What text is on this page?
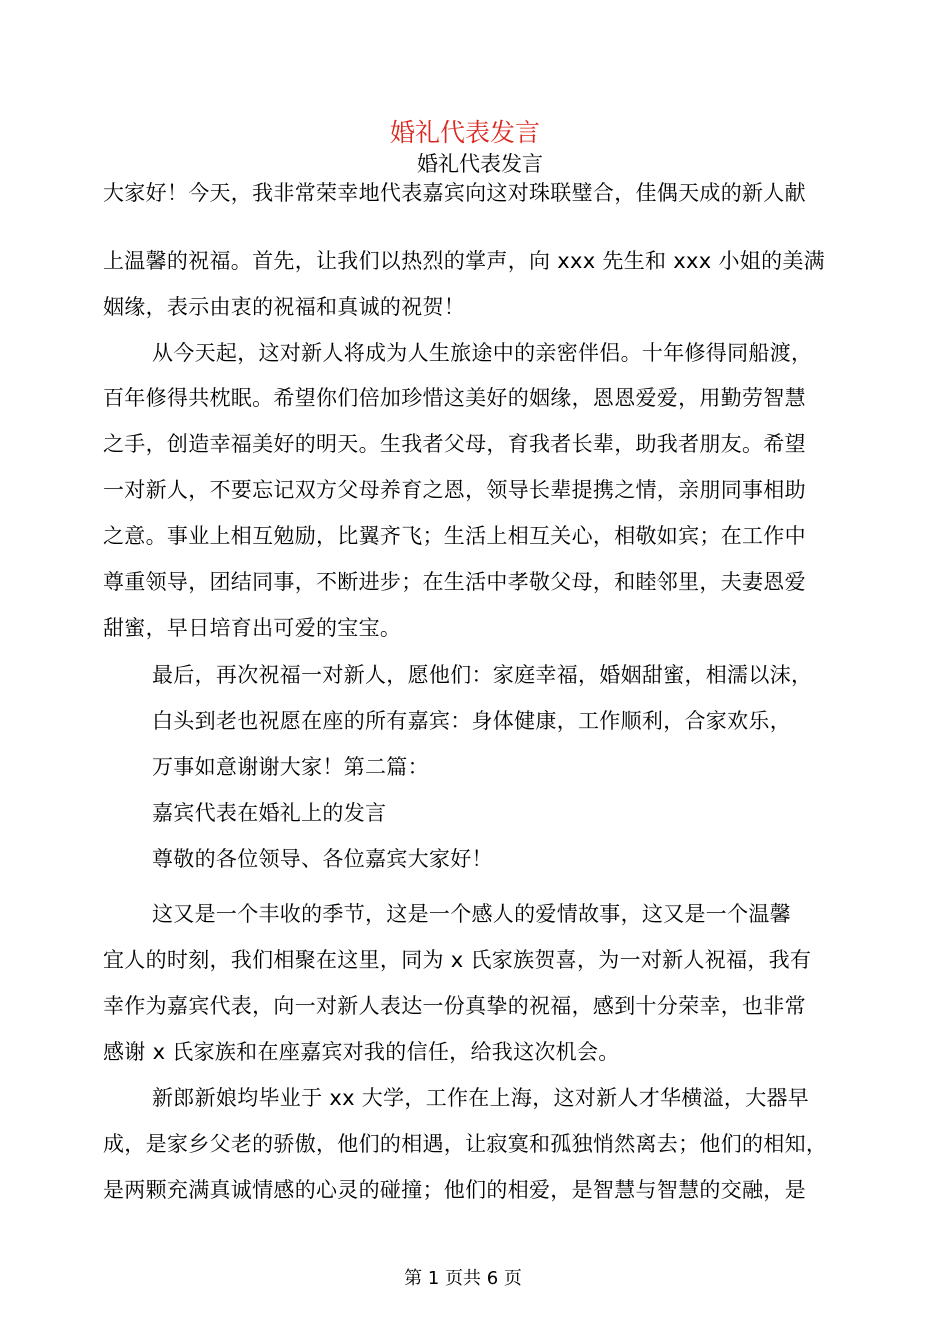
婚礼代表发言
婚礼代表发言
大家好！今天，我非常荣幸地代表嘉宾向这对珠联璧合，佳偶天成的新人献
上温馨的祝福。首先，让我们以热烈的掌声，向 xxx 先生和 xxx 小姐的美满
姻缘，表示由衷的祝福和真诚的祝贺！
从今天起，这对新人将成为人生旅途中的亲密伴侣。十年修得同船渡，
百年修得共枕眠。希望你们倍加珍惜这美好的姻缘，恩恩爱爱，用勤劳智慧
之手，创造幸福美好的明天。生我者父母，育我者长辈，助我者朋友。希望
一对新人，不要忘记双方父母养育之恩，领导长辈提携之情，亲朋同事相助
之意。事业上相互勉励，比翼齐飞；生活上相互关心，相敬如宾；在工作中
尊重领导，团结同事，不断进步；在生活中孝敬父母，和睦邻里，夫妻恩爱
甜蜜，早日培育出可爱的宝宝。
最后，再次祝福一对新人，愿他们：家庭幸福，婚姻甜蜜，相濡以沫，
白头到老也祝愿在座的所有嘉宾：身体健康，工作顺利，合家欢乐，
万事如意谢谢大家！第二篇：
嘉宾代表在婚礼上的发言
尊敬的各位领导、各位嘉宾大家好！
这又是一个丰收的季节，这是一个感人的爱情故事，这又是一个温馨
宜人的时刻，我们相聚在这里，同为 x 氏家族贺喜，为一对新人祝福，我有
幸作为嘉宾代表，向一对新人表达一份真挚的祝福，感到十分荣幸，也非常
感谢 x 氏家族和在座嘉宾对我的信任，给我这次机会。
新郎新娘均毕业于 xx 大学，工作在上海，这对新人才华横溢，大器早
成，是家乡父老的骄傲，他们的相遇，让寂寞和孤独悄然离去；他们的相知，
是两颗充满真诚情感的心灵的碰撞；他们的相爱，是智慧与智慧的交融，是
第 1 页共 6 页
